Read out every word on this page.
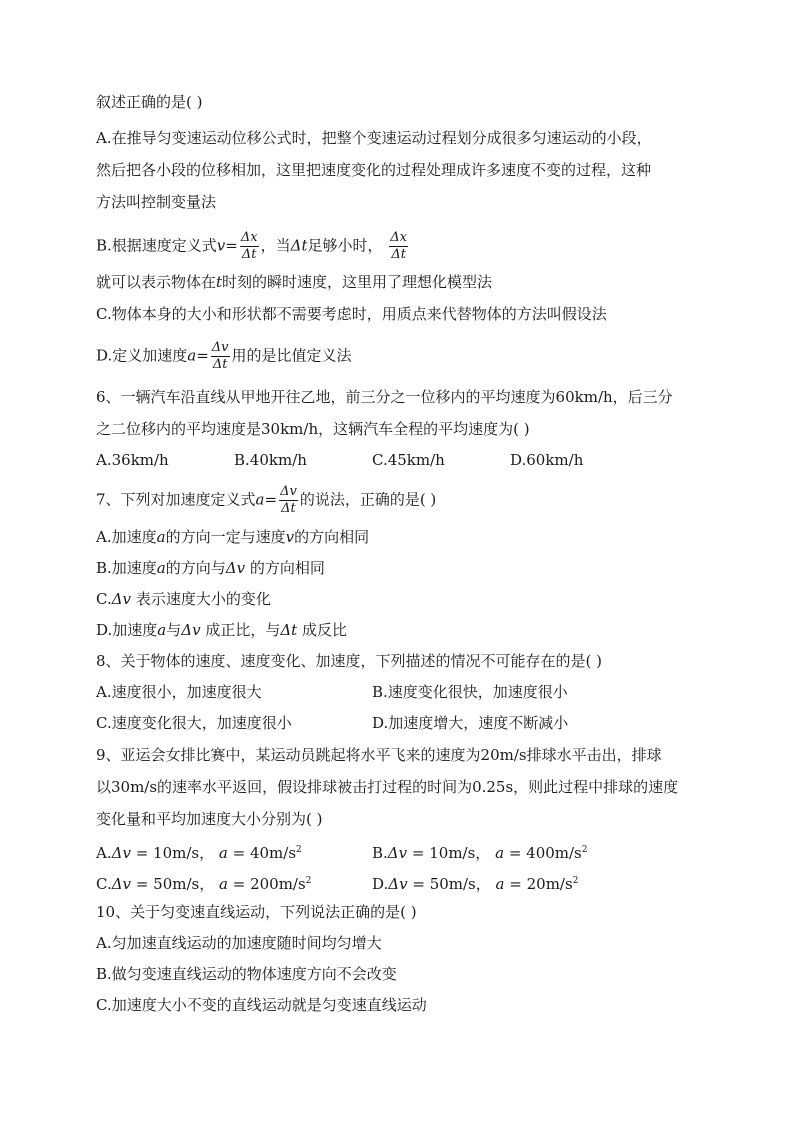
叙述正确的是( )
A.在推导匀变速运动位移公式时，把整个变速运动过程划分成很多匀速运动的小段，
然后把各小段的位移相加，这里把速度变化的过程处理成许多速度不变的过程，这种
方法叫控制变量法
B.根据速度定义式$v= \frac{\Delta x}{\Delta t}$ ，当Δt足够小时， $\frac{\Delta x}{\Delta t}$
就可以表示物体在t时刻的瞬时速度，这里用了理想化模型法
C.物体本身的大小和形状都不需要考虑时，用质点来代替物体的方法叫假设法
D.定义加速度$a= \frac{\Delta v}{\Delta t}$ 用的是比值定义法
6、一辆汽车沿直线从甲地开往乙地，前三分之一位移内的平均速度为60km/h，后三分
之二位移内的平均速度是30km/h，这辆汽车全程的平均速度为( )
A.36km/h	B.40km/h	C.45km/h	D.60km/h
7、下列对加速度定义式$a= \frac{\Delta v}{\Delta t}$ 的说法，正确的是( )
A.加速度a的方向一定与速度v的方向相同
B.加速度a的方向与Δv 的方向相同
C.Δv 表示速度大小的变化
D.加速度a与Δv 成正比，与Δt 成反比
8、关于物体的速度、速度变化、加速度，下列描述的情况不可能存在的是( )
A.速度很小，加速度很大	B.速度变化很快，加速度很小
C.速度变化很大，加速度很小	D.加速度增大，速度不断减小
9、亚运会女排比赛中，某运动员跳起将水平飞来的速度为20m/s排球水平击出，排球
以30m/s的速率水平返回，假设排球被击打过程的时间为0.25s，则此过程中排球的速度
变化量和平均加速度大小分别为( )
A.Δv = 10m/s， $a = 40m/s^2$	B.Δv = 10m/s， $a = 400m/s^2$
C.Δv = 50m/s， $a = 200m/s^2$	D.Δv = 50m/s， $a = 20m/s^2$
10、关于匀变速直线运动，下列说法正确的是( )
A.匀加速直线运动的加速度随时间均匀增大
B.做匀变速直线运动的物体速度方向不会改变
C.加速度大小不变的直线运动就是匀变速直线运动
